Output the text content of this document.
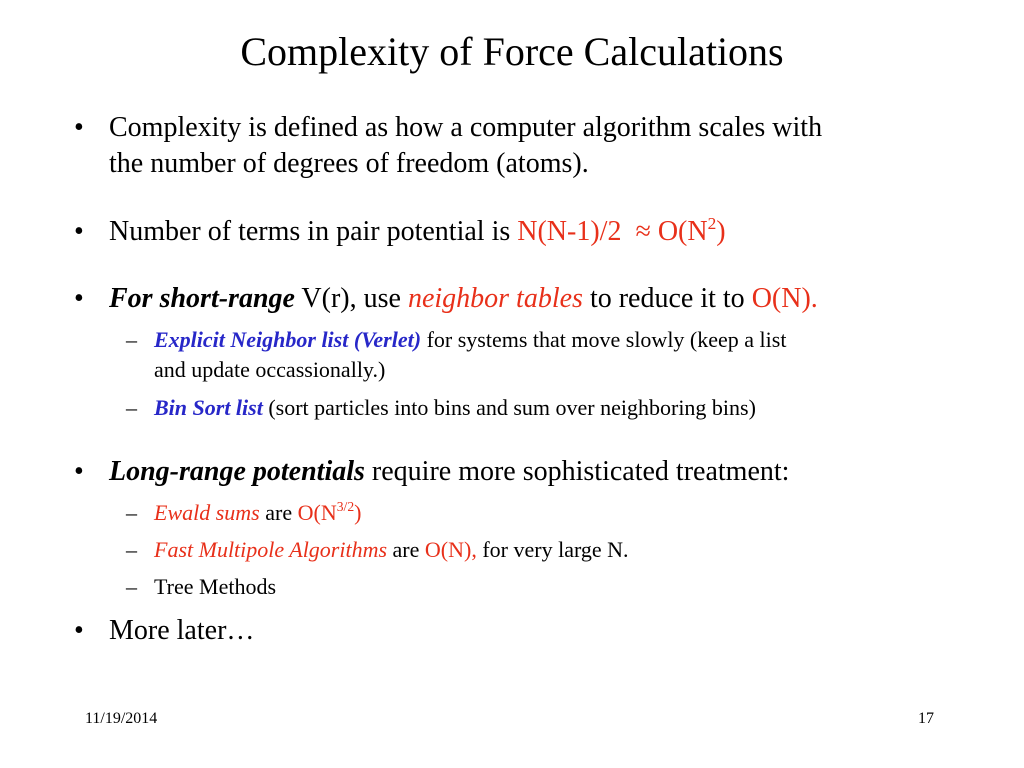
Complexity of Force Calculations
• Complexity is defined as how a computer algorithm scales with
the number of degrees of freedom (atoms).
• Number of terms in pair potential is $N(N-1)/2 \approx O(N^2)$
• For short-range V(r), use neighbor tables to reduce it to O(N).
– Explicit Neighbor list (Verlet) for systems that move slowly (keep a list
and update occassionally.)
– Bin Sort list (sort particles into bins and sum over neighboring bins)
• Long-range potentials require more sophisticated treatment:
– Ewald sums are $O(N^{3/2})$
– Fast Multipole Algorithms are O(N), for very large N.
– Tree Methods
• More later…
11/19/2014	17
